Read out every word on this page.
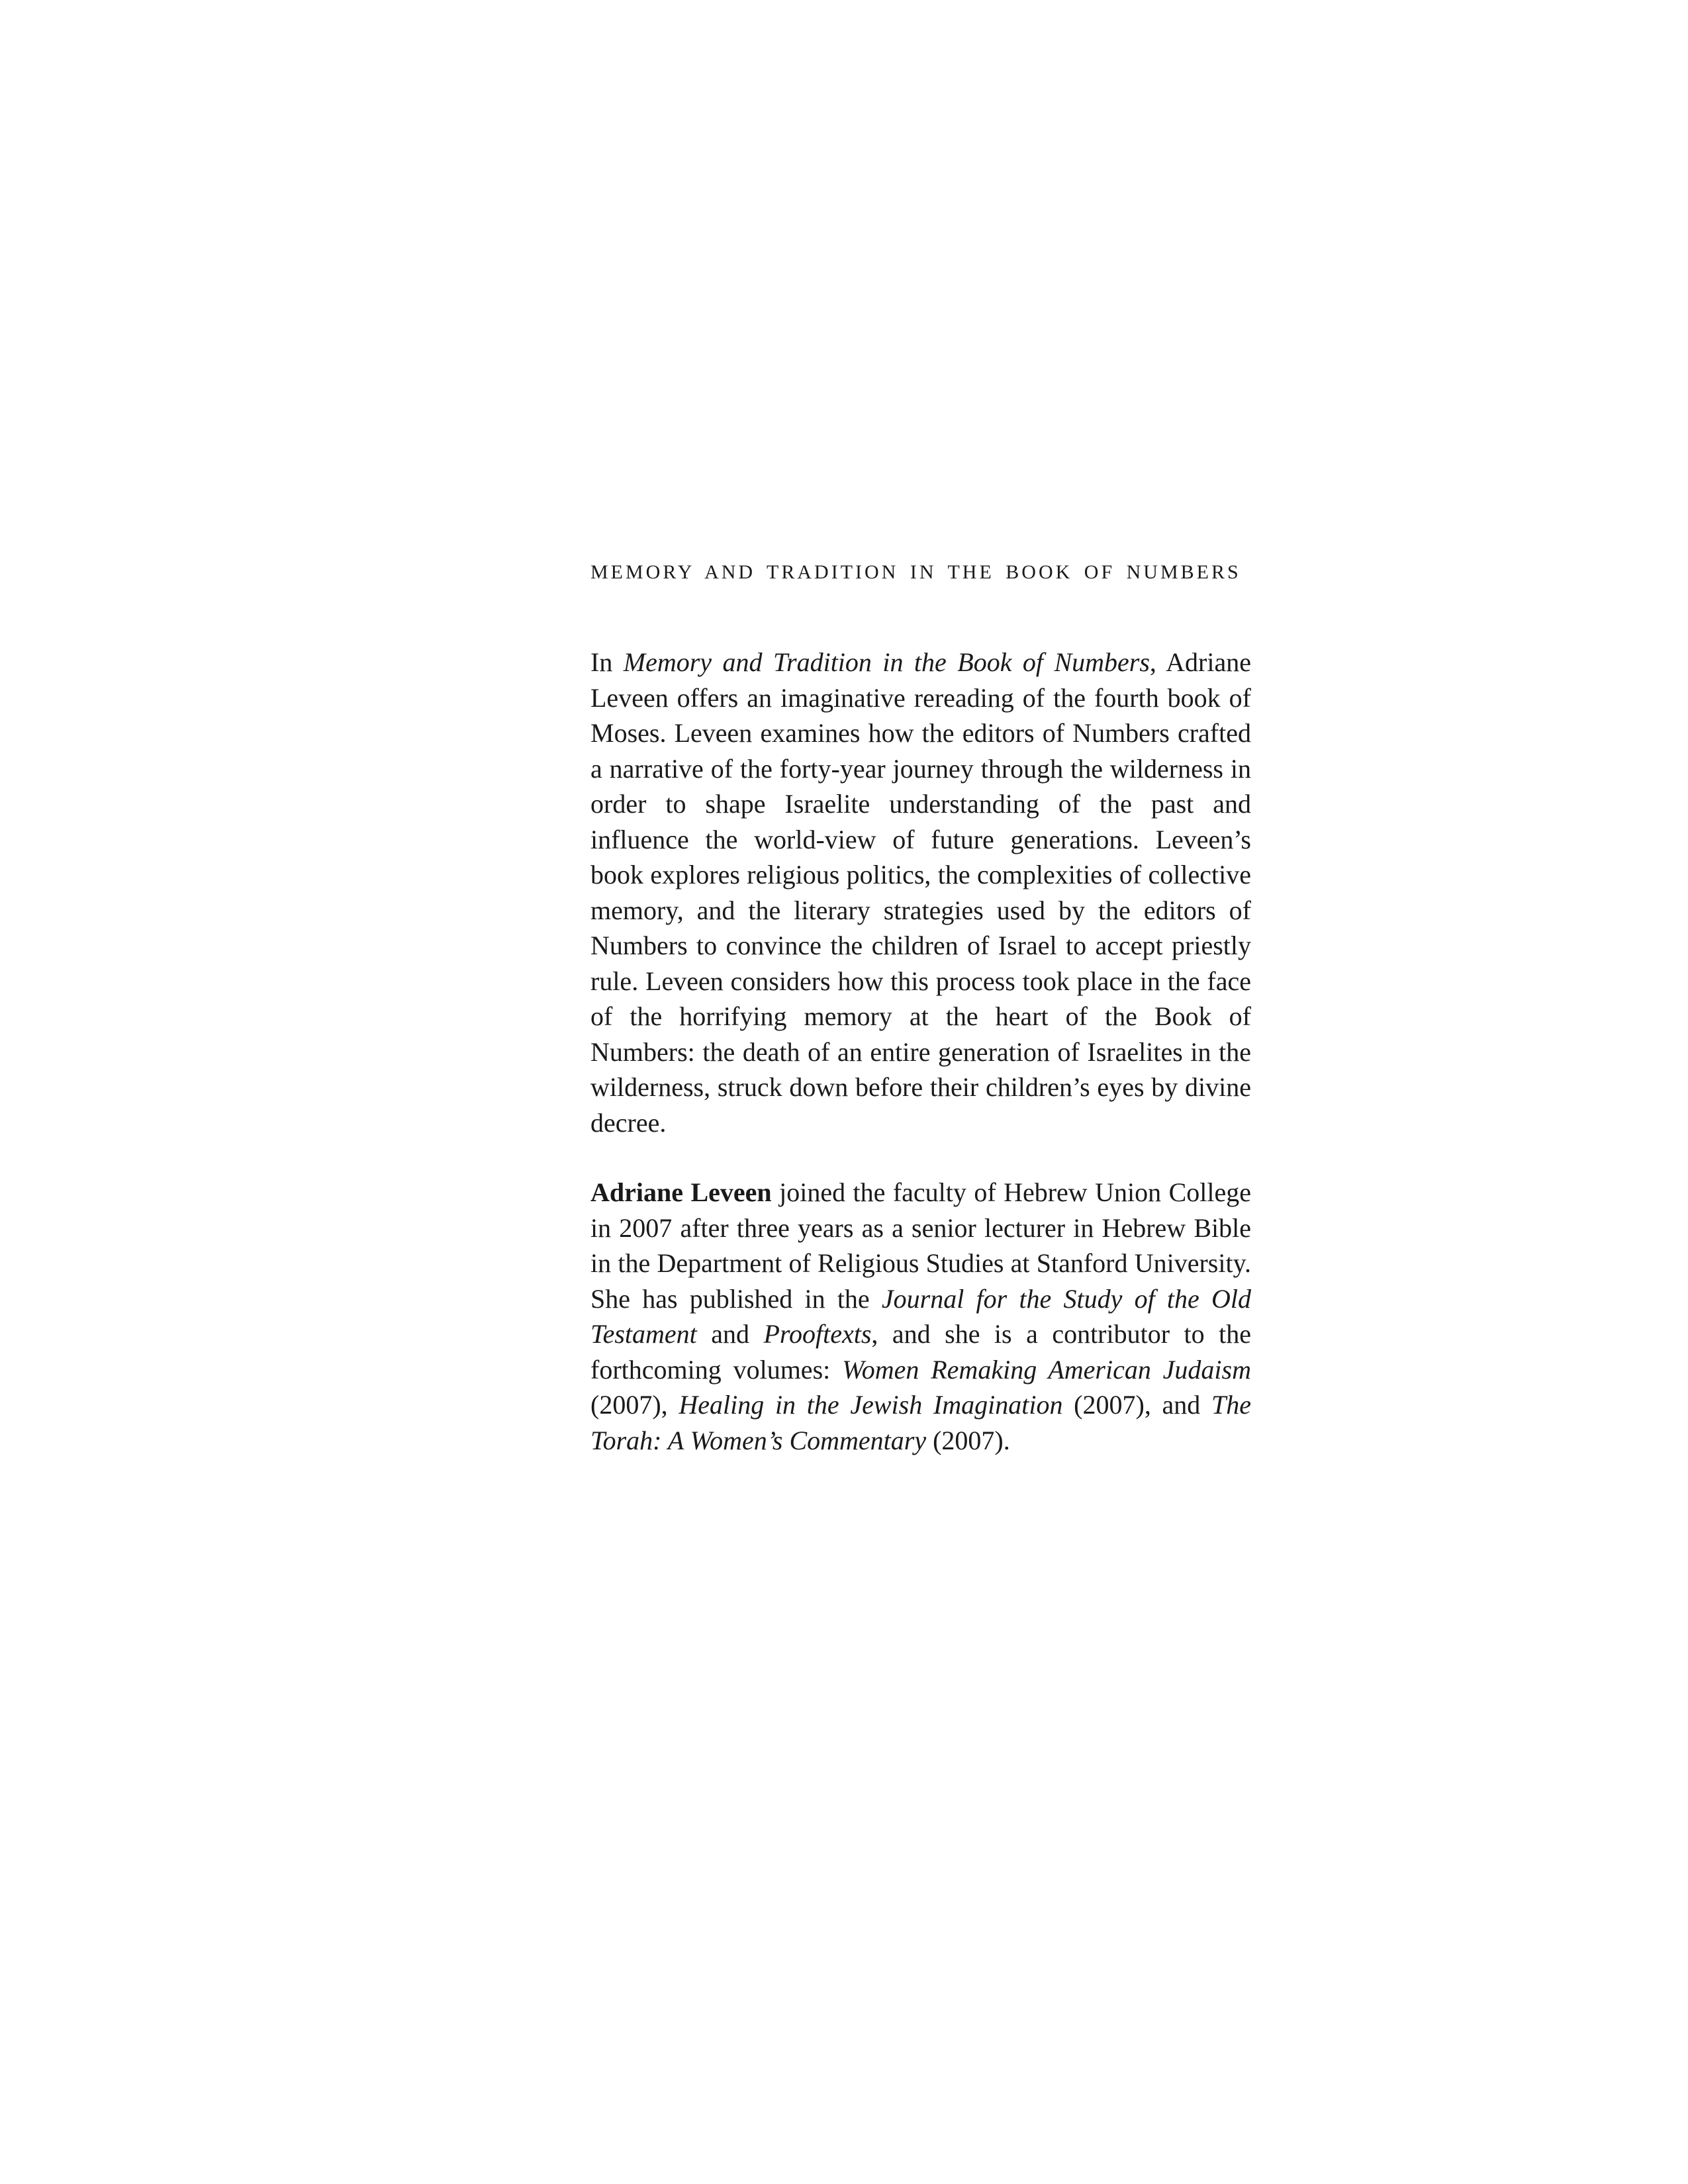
MEMORY AND TRADITION IN THE BOOK OF NUMBERS

In Memory and Tradition in the Book of Numbers, Adriane Leveen offers an imaginative rereading of the fourth book of Moses. Leveen examines how the editors of Numbers crafted a narrative of the forty-year journey through the wilderness in order to shape Israelite understanding of the past and influence the world-view of future generations. Leveen’s book explores religious politics, the complexities of collective memory, and the literary strategies used by the editors of Numbers to convince the children of Israel to accept priestly rule. Leveen considers how this process took place in the face of the horrifying memory at the heart of the Book of Numbers: the death of an entire generation of Israelites in the wilderness, struck down before their children’s eyes by divine decree.

Adriane Leveen joined the faculty of Hebrew Union College in 2007 after three years as a senior lecturer in Hebrew Bible in the Department of Religious Studies at Stanford University. She has published in the Journal for the Study of the Old Testament and Prooftexts, and she is a contributor to the forthcoming volumes: Women Remaking American Judaism (2007), Healing in the Jewish Imagination (2007), and The Torah: A Women’s Commentary (2007).
